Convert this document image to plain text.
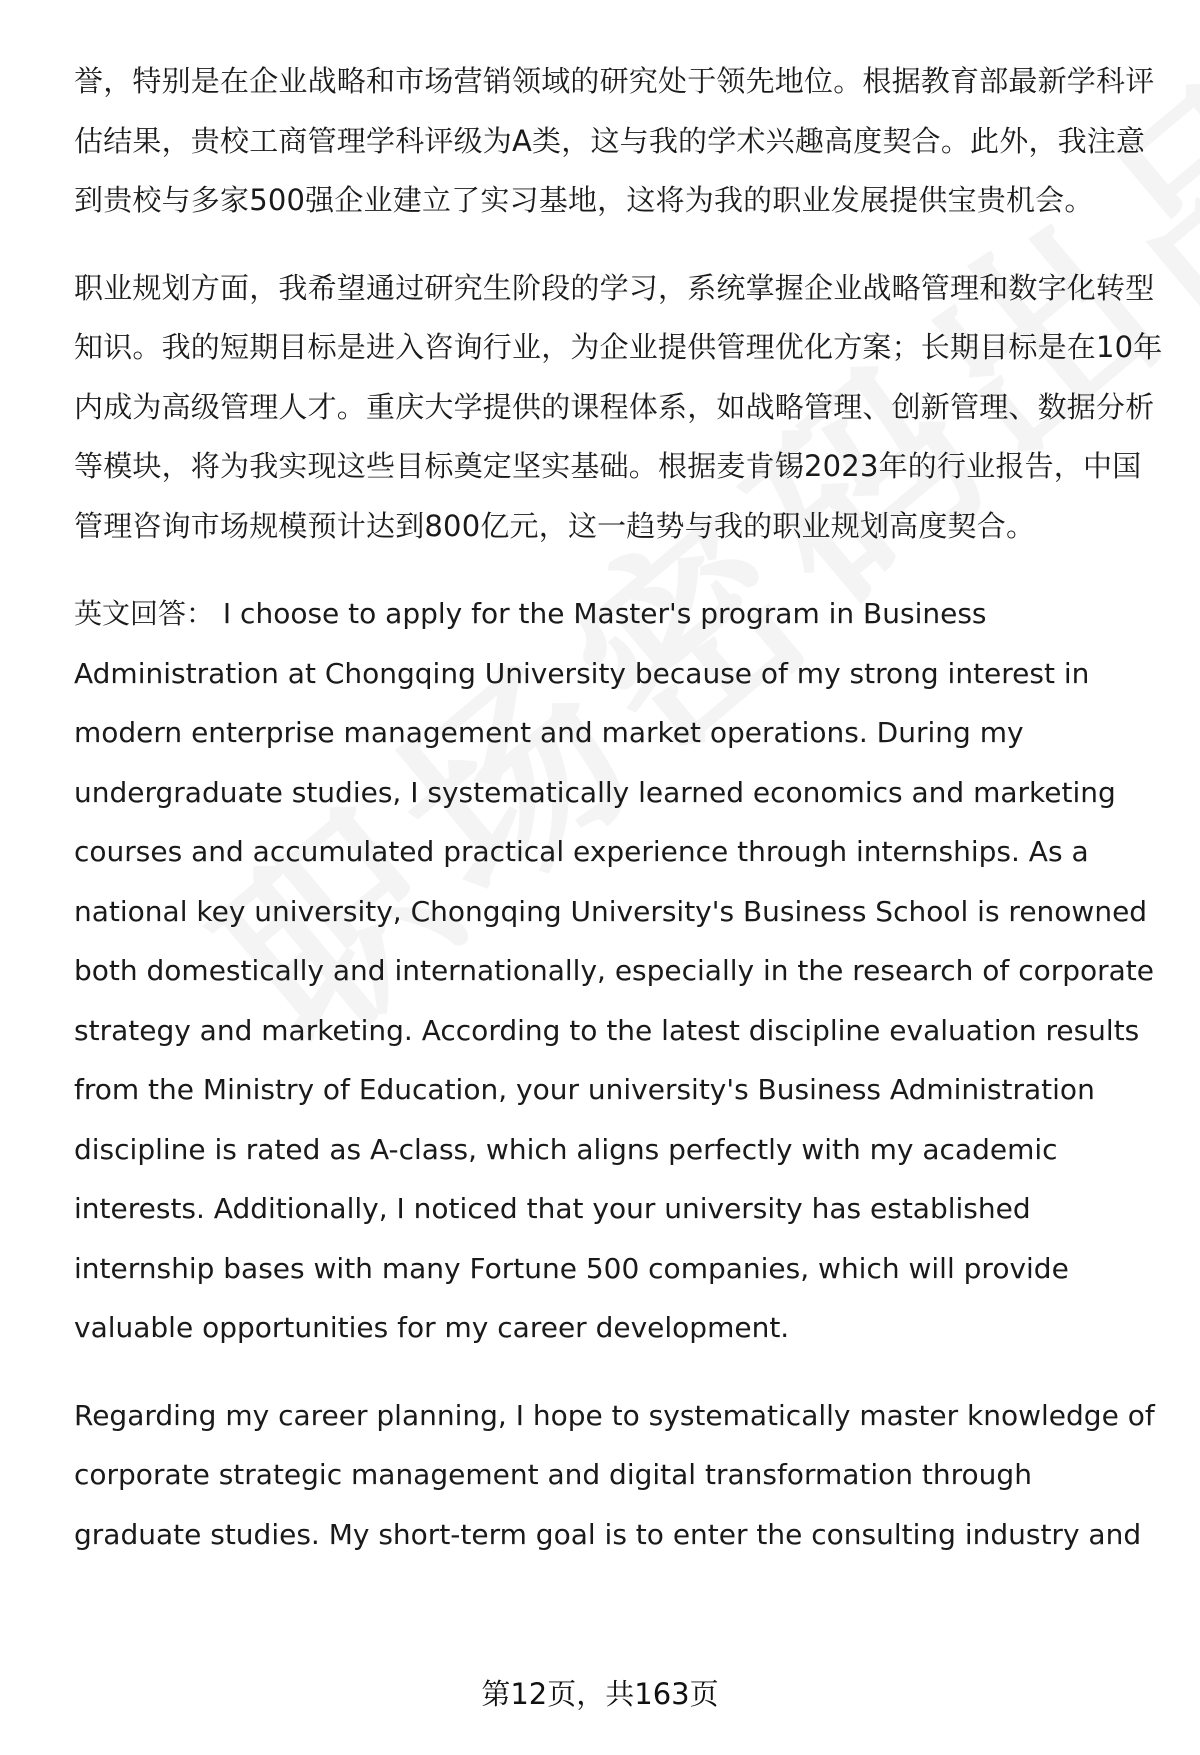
誉，特别是在企业战略和市场营销领域的研究处于领先地位。根据教育部最新学科评估结果，贵校工商管理学科评级为A类，这与我的学术兴趣高度契合。此外，我注意到贵校与多家500强企业建立了实习基地，这将为我的职业发展提供宝贵机会。

职业规划方面，我希望通过研究生阶段的学习，系统掌握企业战略管理和数字化转型知识。我的短期目标是进入咨询行业，为企业提供管理优化方案；长期目标是在10年内成为高级管理人才。重庆大学提供的课程体系，如战略管理、创新管理、数据分析等模块，将为我实现这些目标奠定坚实基础。根据麦肯锡2023年的行业报告，中国管理咨询市场规模预计达到800亿元，这一趋势与我的职业规划高度契合。

英文回答： I choose to apply for the Master's program in Business Administration at Chongqing University because of my strong interest in modern enterprise management and market operations. During my undergraduate studies, I systematically learned economics and marketing courses and accumulated practical experience through internships. As a national key university, Chongqing University's Business School is renowned both domestically and internationally, especially in the research of corporate strategy and marketing. According to the latest discipline evaluation results from the Ministry of Education, your university's Business Administration discipline is rated as A-class, which aligns perfectly with my academic interests. Additionally, I noticed that your university has established internship bases with many Fortune 500 companies, which will provide valuable opportunities for my career development.

Regarding my career planning, I hope to systematically master knowledge of corporate strategic management and digital transformation through graduate studies. My short-term goal is to enter the consulting industry and

第12页，共163页
